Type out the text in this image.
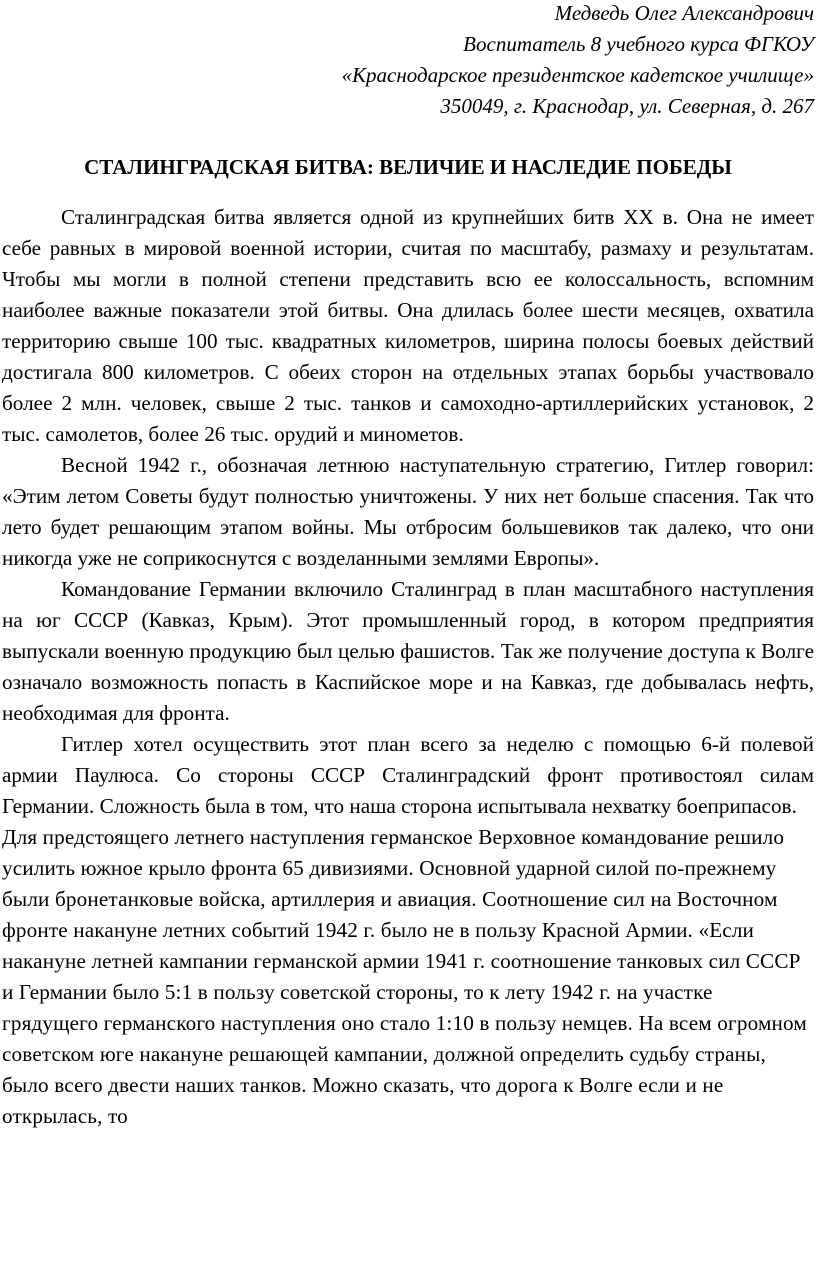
Медведь Олег Александрович
Воспитатель 8 учебного курса ФГКОУ
«Краснодарское президентское кадетское училище»
350049, г. Краснодар, ул. Северная, д. 267
СТАЛИНГРАДСКАЯ БИТВА: ВЕЛИЧИЕ И НАСЛЕДИЕ ПОБЕДЫ

Сталинградская битва является одной из крупнейших битв XX в. Она не имеет себе равных в мировой военной истории, считая по масштабу, размаху и результатам. Чтобы мы могли в полной степени представить всю ее колоссальность, вспомним наиболее важные показатели этой битвы. Она длилась более шести месяцев, охватила территорию свыше 100 тыс. квадратных километров, ширина полосы боевых действий достигала 800 километров. С обеих сторон на отдельных этапах борьбы участвовало более 2 млн. человек, свыше 2 тыс. танков и самоходно-артиллерийских установок, 2 тыс. самолетов, более 26 тыс. орудий и минометов.

Весной 1942 г., обозначая летнюю наступательную стратегию, Гитлер говорил: «Этим летом Советы будут полностью уничтожены. У них нет больше спасения. Так что лето будет решающим этапом войны. Мы отбросим большевиков так далеко, что они никогда уже не соприкоснутся с возделанными землями Европы».

Командование Германии включило Сталинград в план масштабного наступления на юг СССР (Кавказ, Крым). Этот промышленный город, в котором предприятия выпускали военную продукцию был целью фашистов. Так же получение доступа к Волге означало возможность попасть в Каспийское море и на Кавказ, где добывалась нефть, необходимая для фронта.

Гитлер хотел осуществить этот план всего за неделю с помощью 6-й полевой армии Паулюса. Со стороны СССР Сталинградский фронт противостоял силам Германии. Сложность была в том, что наша сторона испытывала нехватку боеприпасов.

Для предстоящего летнего наступления германское Верховное командование решило усилить южное крыло фронта 65 дивизиями. Основной ударной силой по-прежнему были бронетанковые войска, артиллерия и авиация. Соотношение сил на Восточном фронте накануне летних событий 1942 г. было не в пользу Красной Армии. «Если накануне летней кампании германской армии 1941 г. соотношение танковых сил СССР и Германии было 5:1 в пользу советской стороны, то к лету 1942 г. на участке грядущего германского наступления оно стало 1:10 в пользу немцев. На всем огромном советском юге накануне решающей кампании, должной определить судьбу страны, было всего двести наших танков. Можно сказать, что дорога к Волге если и не открылась, то
